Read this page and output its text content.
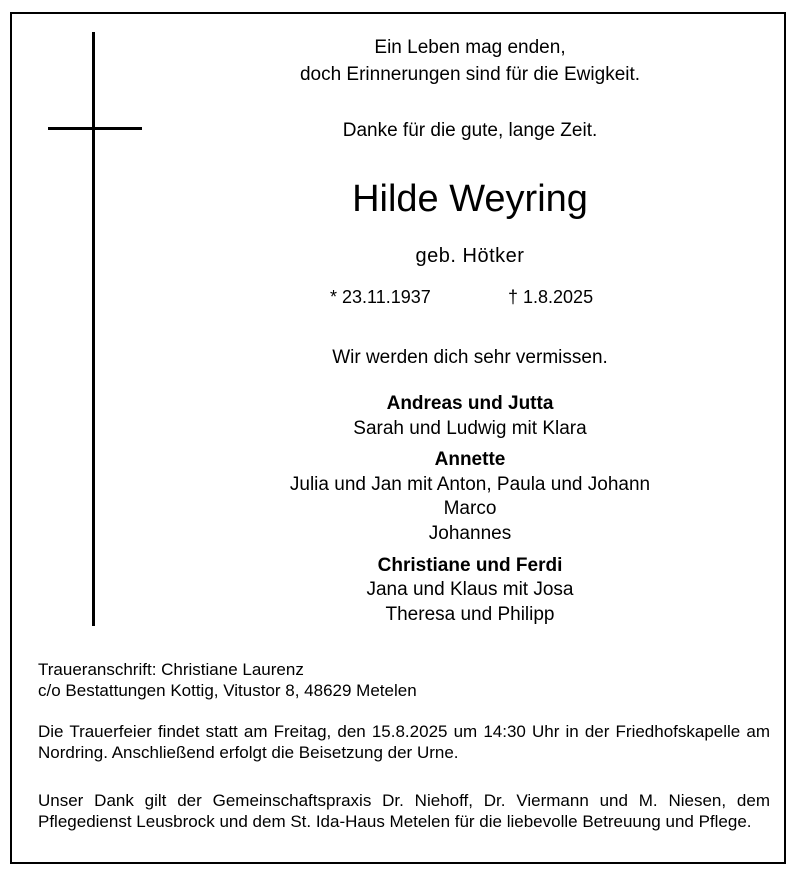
Ein Leben mag enden,
doch Erinnerungen sind für die Ewigkeit.
Danke für die gute, lange Zeit.
Hilde Weyring
geb. Hötker
* 23.11.1937	† 1.8.2025
Wir werden dich sehr vermissen.
Andreas und Jutta
Sarah und Ludwig mit Klara
Annette
Julia und Jan mit Anton, Paula und Johann
Marco
Johannes
Christiane und Ferdi
Jana und Klaus mit Josa
Theresa und Philipp
Traueranschrift: Christiane Laurenz
c/o Bestattungen Kottig, Vitustor 8, 48629 Metelen
Die Trauerfeier findet statt am Freitag, den 15.8.2025 um 14:30 Uhr in der Friedhofskapelle am Nordring. Anschließend erfolgt die Beisetzung der Urne.
Unser Dank gilt der Gemeinschaftspraxis Dr. Niehoff, Dr. Viermann und M. Niesen, dem Pflegedienst Leusbrock und dem St. Ida-Haus Metelen für die liebevolle Betreuung und Pflege.
